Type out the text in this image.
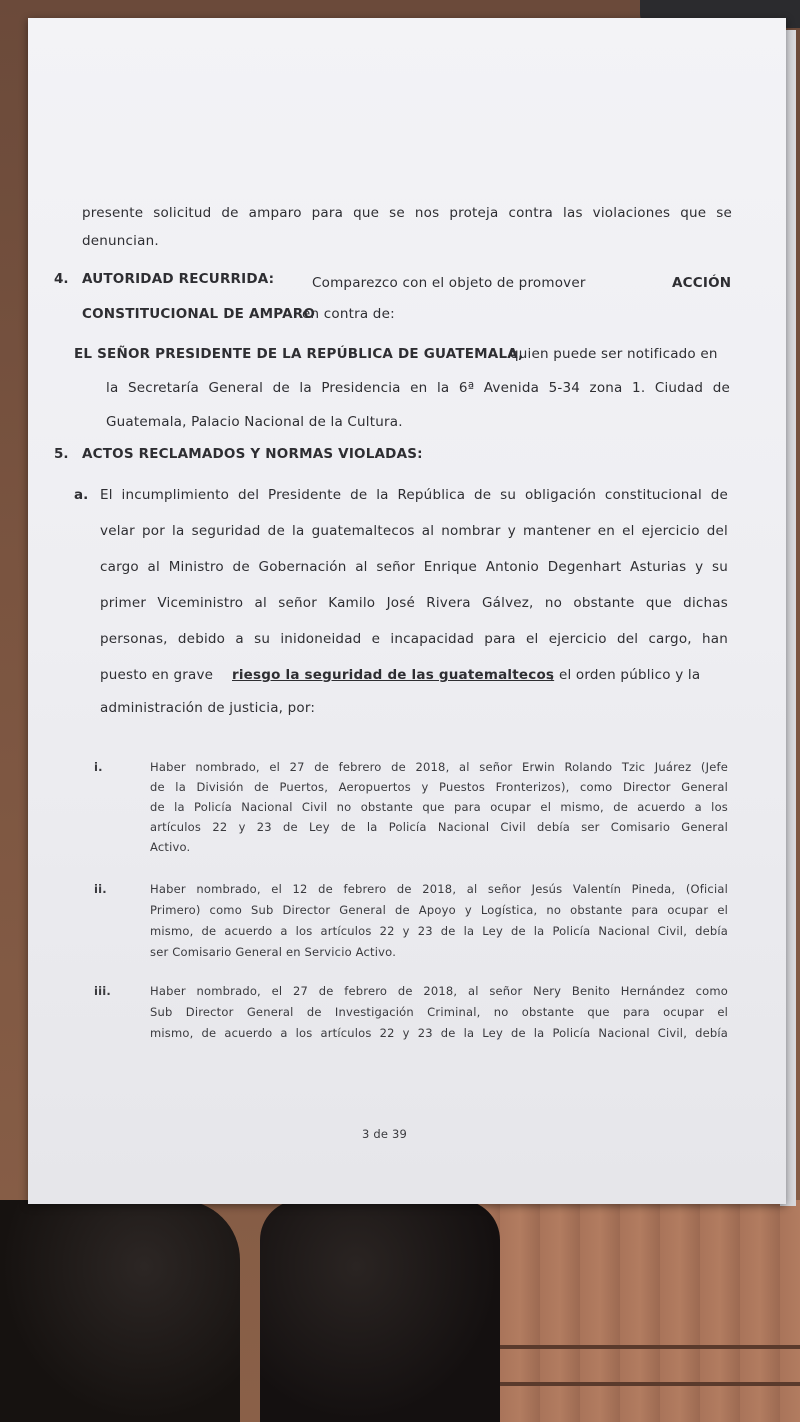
presente solicitud de amparo para que se nos proteja contra las violaciones que se
denuncian.
4. AUTORIDAD RECURRIDA:	Comparezco con el objeto de promover	ACCIÓN
CONSTITUCIONAL DE AMPARO
en contra de:
EL SEÑOR PRESIDENTE DE LA REPÚBLICA DE GUATEMALA,
quien puede ser notificado en
la Secretaría General de la Presidencia en la 6ª Avenida 5-34 zona 1. Ciudad de
Guatemala, Palacio Nacional de la Cultura.
5. ACTOS RECLAMADOS Y NORMAS VIOLADAS:
a. El incumplimiento del Presidente de la República de su obligación constitucional de
velar por la seguridad de la guatemaltecos al nombrar y mantener en el ejercicio del
cargo al Ministro de Gobernación al señor Enrique Antonio Degenhart Asturias y su
primer Viceministro al señor Kamilo José Rivera Gálvez, no obstante que dichas
personas, debido a su inidoneidad e incapacidad para el ejercicio del cargo, han
puesto en grave riesgo la seguridad de las guatemaltecos
, el orden público y la
administración de justicia, por:
i.	Haber nombrado, el 27 de febrero de 2018, al señor Erwin Rolando Tzic Juárez (Jefe
de la División de Puertos, Aeropuertos y Puestos Fronterizos), como Director General
de la Policía Nacional Civil no obstante que para ocupar el mismo, de acuerdo a los
artículos 22 y 23 de Ley de la Policía Nacional Civil debía ser Comisario General
Activo.
ii.	Haber nombrado, el 12 de febrero de 2018, al señor Jesús Valentín Pineda, (Oficial
Primero) como Sub Director General de Apoyo y Logística, no obstante para ocupar el
mismo, de acuerdo a los artículos 22 y 23 de la Ley de la Policía Nacional Civil, debía
ser Comisario General en Servicio Activo.
iii.	Haber nombrado, el 27 de febrero de 2018, al señor Nery Benito Hernández como
Sub Director General de Investigación Criminal, no obstante que para ocupar el
mismo, de acuerdo a los artículos 22 y 23 de la Ley de la Policía Nacional Civil, debía
3 de 39
